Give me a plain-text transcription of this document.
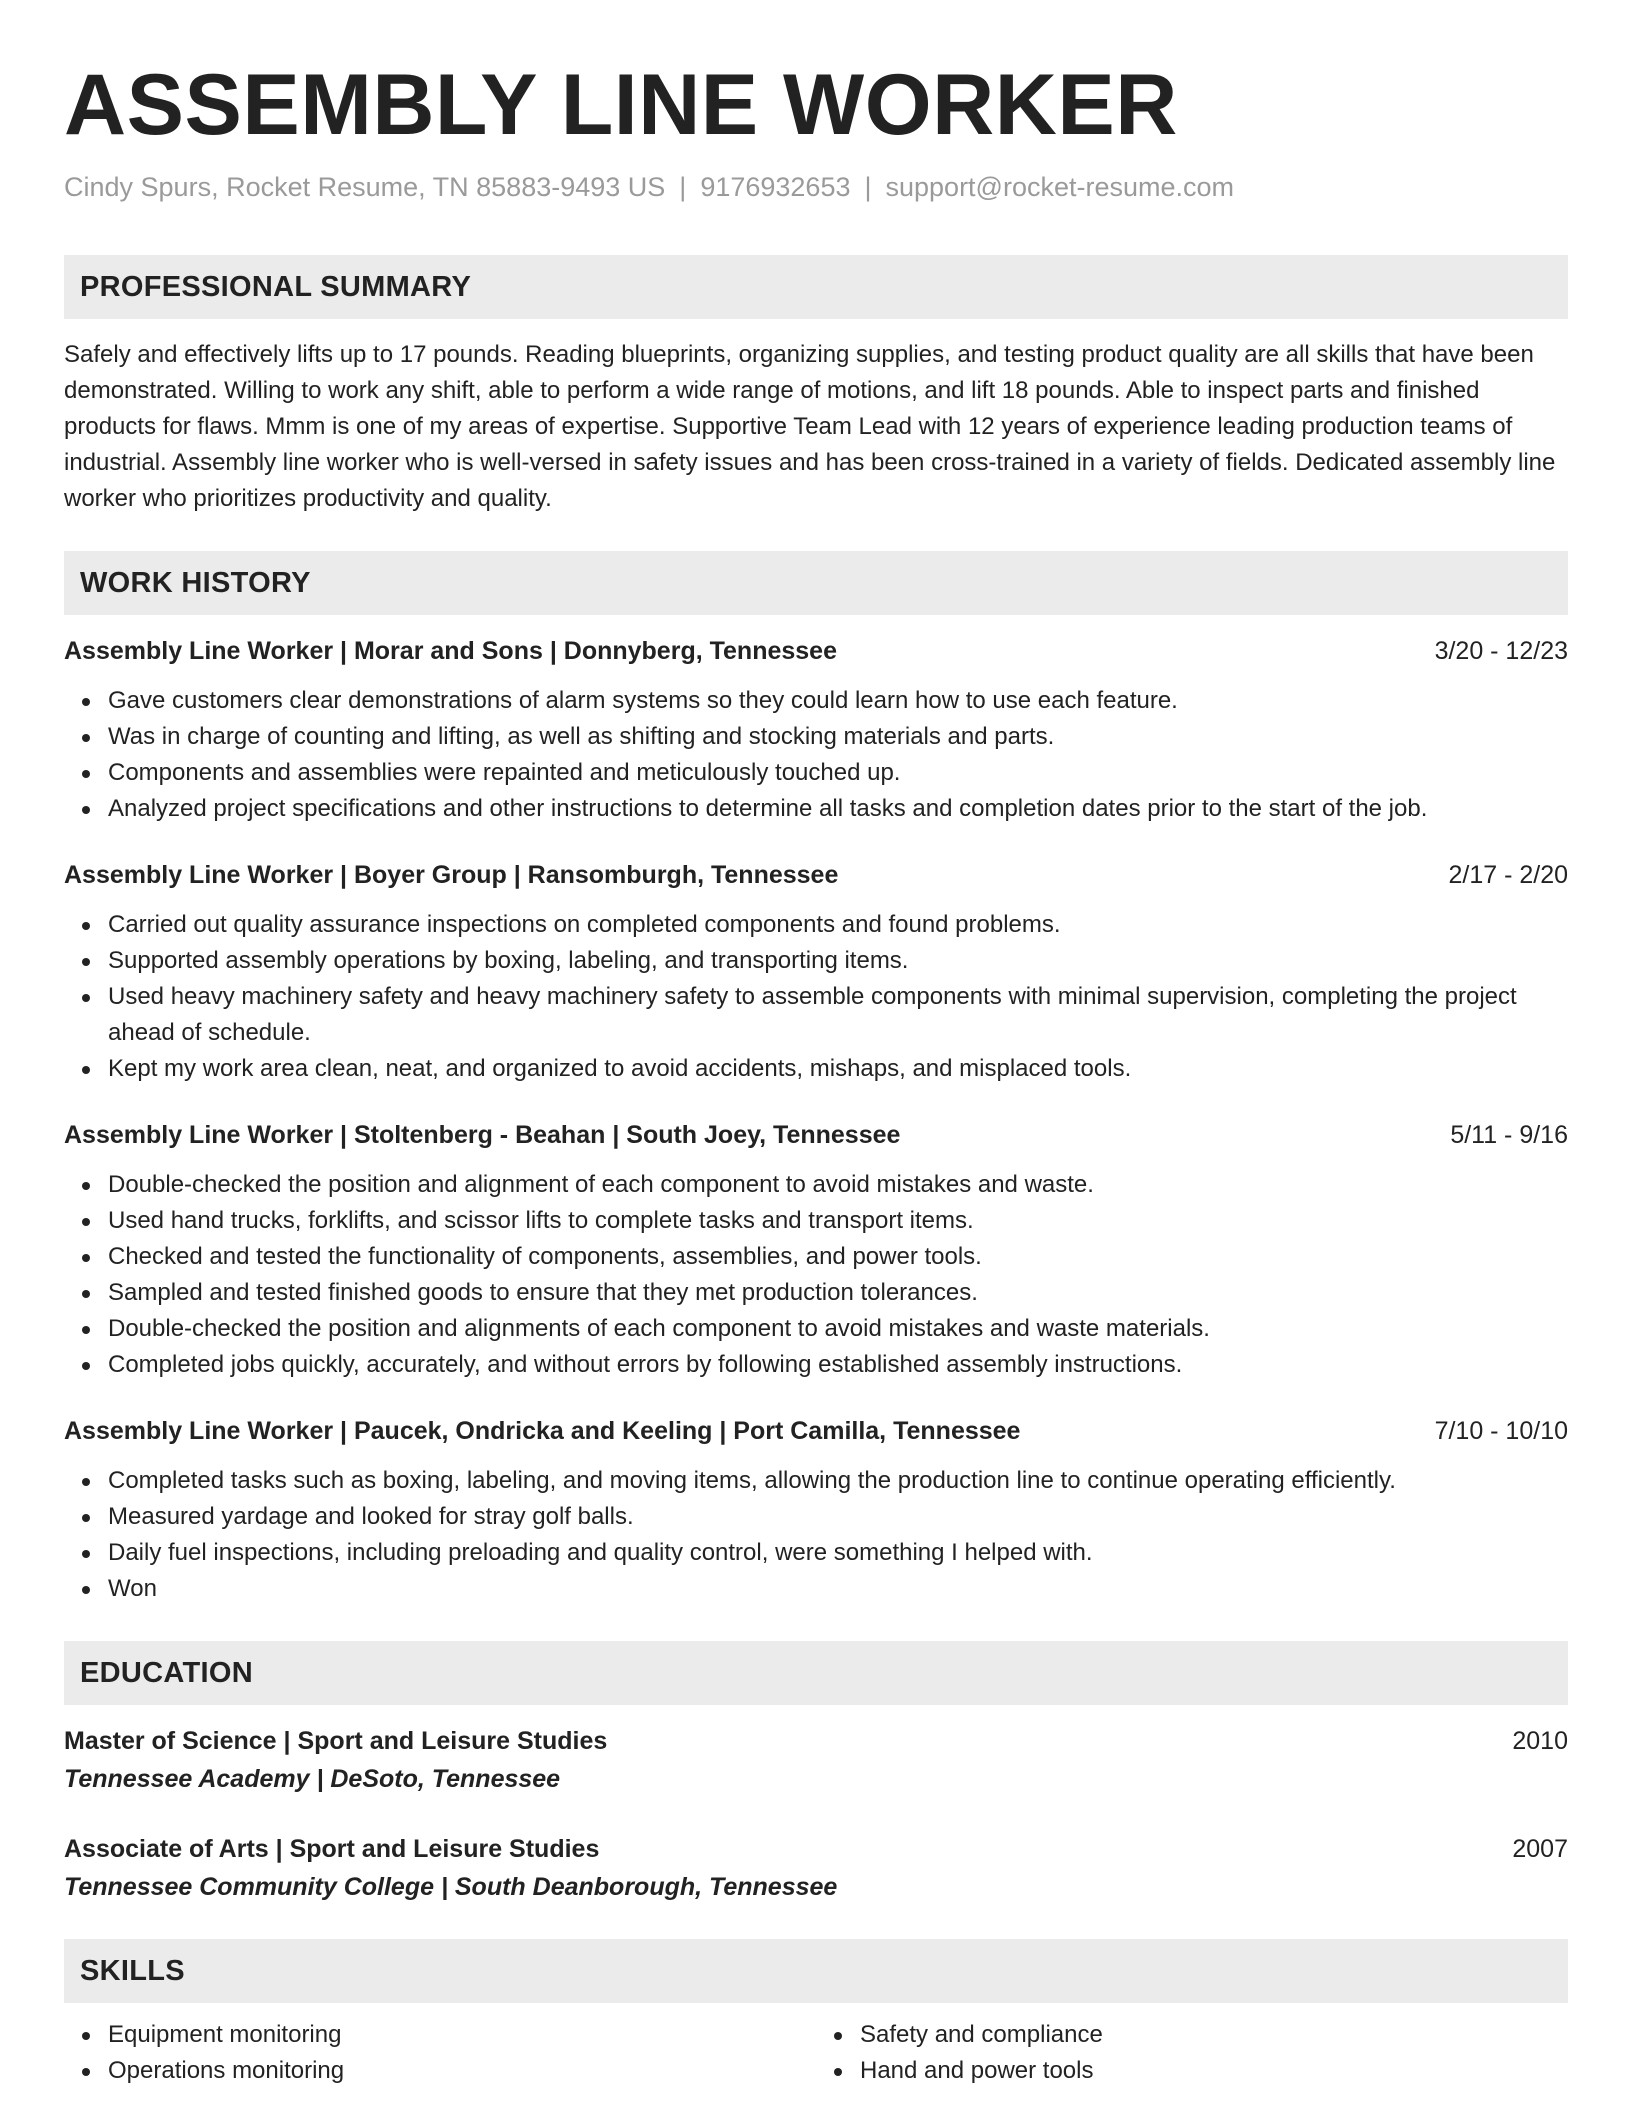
ASSEMBLY LINE WORKER
Cindy Spurs, Rocket Resume, TN 85883-9493 US | 9176932653 | support@rocket-resume.com
PROFESSIONAL SUMMARY

Safely and effectively lifts up to 17 pounds. Reading blueprints, organizing supplies, and testing product quality are all skills that have been demonstrated. Willing to work any shift, able to perform a wide range of motions, and lift 18 pounds. Able to inspect parts and finished products for flaws. Mmm is one of my areas of expertise. Supportive Team Lead with 12 years of experience leading production teams of industrial. Assembly line worker who is well-versed in safety issues and has been cross-trained in a variety of fields. Dedicated assembly line worker who prioritizes productivity and quality.

WORK HISTORY
Assembly Line Worker | Morar and Sons | Donnyberg, Tennessee	3/20 - 12/23
Gave customers clear demonstrations of alarm systems so they could learn how to use each feature.
Was in charge of counting and lifting, as well as shifting and stocking materials and parts.
Components and assemblies were repainted and meticulously touched up.
Analyzed project specifications and other instructions to determine all tasks and completion dates prior to the start of the job.
Assembly Line Worker | Boyer Group | Ransomburgh, Tennessee	2/17 - 2/20
Carried out quality assurance inspections on completed components and found problems.
Supported assembly operations by boxing, labeling, and transporting items.
Used heavy machinery safety and heavy machinery safety to assemble components with minimal supervision, completing the project ahead of schedule.
Kept my work area clean, neat, and organized to avoid accidents, mishaps, and misplaced tools.
Assembly Line Worker | Stoltenberg - Beahan | South Joey, Tennessee	5/11 - 9/16
Double-checked the position and alignment of each component to avoid mistakes and waste.
Used hand trucks, forklifts, and scissor lifts to complete tasks and transport items.
Checked and tested the functionality of components, assemblies, and power tools.
Sampled and tested finished goods to ensure that they met production tolerances.
Double-checked the position and alignments of each component to avoid mistakes and waste materials.
Completed jobs quickly, accurately, and without errors by following established assembly instructions.
Assembly Line Worker | Paucek, Ondricka and Keeling | Port Camilla, Tennessee	7/10 - 10/10
Completed tasks such as boxing, labeling, and moving items, allowing the production line to continue operating efficiently.
Measured yardage and looked for stray golf balls.
Daily fuel inspections, including preloading and quality control, were something I helped with.
Won
EDUCATION
Master of Science | Sport and Leisure Studies	2010
Tennessee Academy | DeSoto, Tennessee
Associate of Arts | Sport and Leisure Studies	2007
Tennessee Community College | South Deanborough, Tennessee
SKILLS
Equipment monitoring
Operations monitoring
Safety and compliance
Hand and power tools
